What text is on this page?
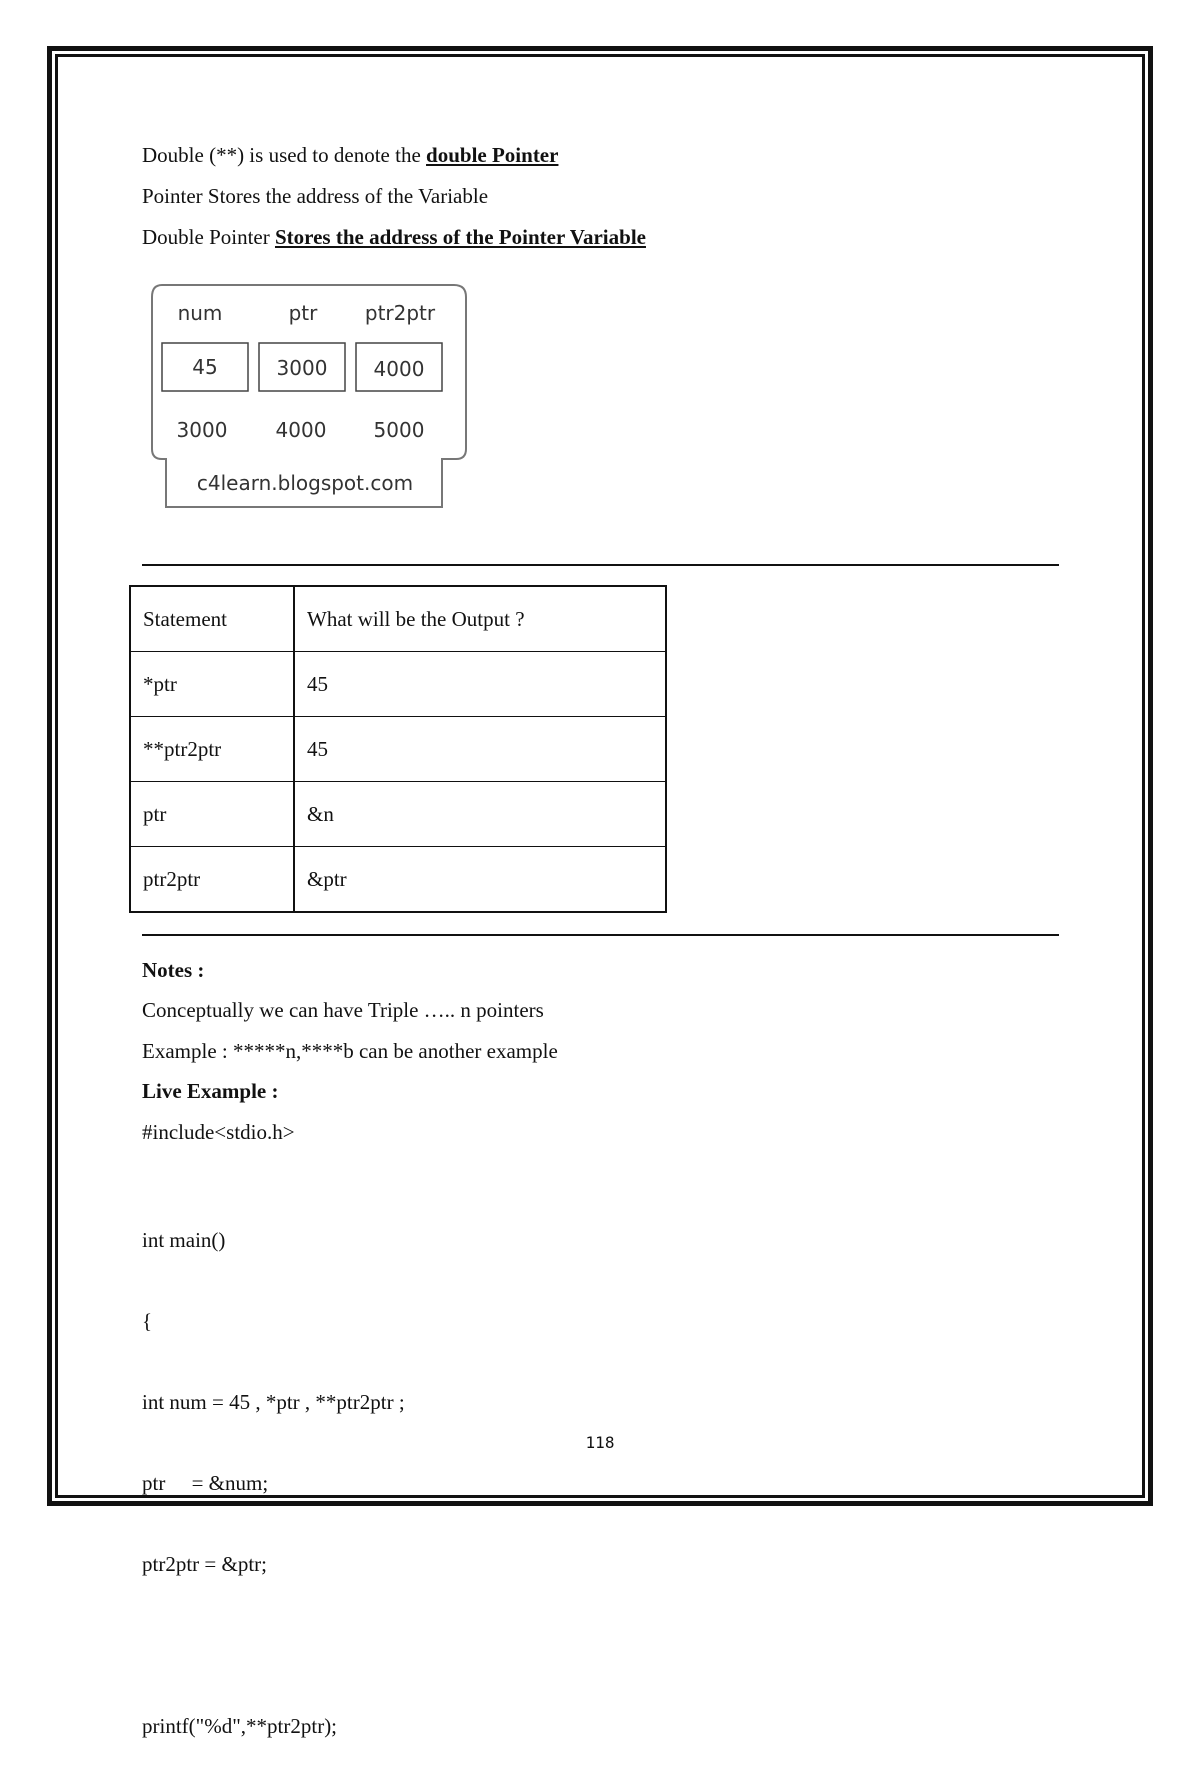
Double (**) is used to denote the double Pointer
Pointer Stores the address of the Variable
Double Pointer Stores the address of the Pointer Variable
num	ptr ptr2ptr
45	3000 4000
3000 4000 5000
c4learn.blogspot.com
Statement	What will be the Output ?
*ptr	45
**ptr2ptr	45
ptr	&n
ptr2ptr	&ptr
Notes :
Conceptually we can have Triple ….. n pointers
Example : *****n,****b can be another example
Live Example :
#include<stdio.h>

int main()

{

int num = 45 , *ptr , **ptr2ptr ;

ptr     = &num;

ptr2ptr = &ptr;

printf("%d",**ptr2ptr);

118
